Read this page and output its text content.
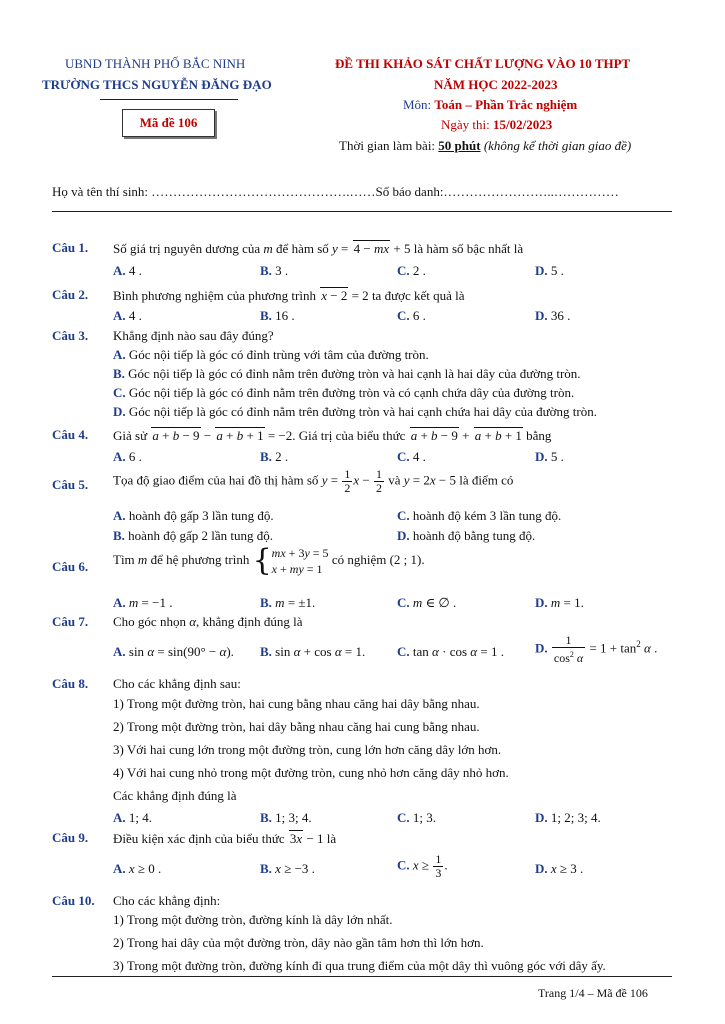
UBND THÀNH PHỐ BẮC NINH
TRƯỜNG THCS NGUYỄN ĐĂNG ĐẠO
Mã đề 106
ĐỀ THI KHẢO SÁT CHẤT LƯỢNG VÀO 10 THPT
NĂM HỌC 2022-2023
Môn: Toán – Phần Trắc nghiệm
Ngày thi: 15/02/2023
Thời gian làm bài: 50 phút (không kể thời gian giao đề)
Họ và tên thí sinh: ……………………………………….……Số báo danh:……………………..……………
Câu 1. Số giá trị nguyên dương của m để hàm số y = 4 − mx + 5 là hàm số bậc nhất là
A. 4 .	B. 3 .	C. 2 .	D. 5 .
Câu 2. Bình phương nghiệm của phương trình x − 2 = 2 ta được kết quả là
A. 4 .	B. 16 .	C. 6 .	D. 36 .
Câu 3. Khẳng định nào sau đây đúng?
A. Góc nội tiếp là góc có đỉnh trùng với tâm của đường tròn.
B. Góc nội tiếp là góc có đỉnh nằm trên đường tròn và hai cạnh là hai dây của đường tròn.
C. Góc nội tiếp là góc có đỉnh nằm trên đường tròn và có cạnh chứa dây của đường tròn.
D. Góc nội tiếp là góc có đỉnh nằm trên đường tròn và hai cạnh chứa hai dây của đường tròn.
Câu 4. Giả sử a + b − 9 − a + b + 1 = −2. Giá trị của biểu thức a + b − 9 + a + b + 1 bằng
A. 6 .	B. 2 .	C. 4 .	D. 5 .
Câu 5. Tọa độ giao điểm của hai đồ thị hàm số $y = \frac{1}{2}$ $x - \frac{1}{2}$ và y = 2x − 5 là điểm có
A. hoành độ gấp 3 lần tung độ.	C. hoành độ kém 3 lần tung độ.
B. hoành độ gấp 2 lần tung độ.	D. hoành độ bằng tung độ.
Câu 6. Tìm m để hệ phương trình {mx + 3y = 5
x + my = 1 có nghiệm (2 ; 1).
A. m = −1 .	B. m = ±1.	C. m ∈ ∅ .	D. m = 1.
Câu 7. Cho góc nhọn α, khẳng định đúng là
A. sin α = sin(90° − α). B. sin α + cos α = 1. C. tan α · cos α = 1 . D. $\frac{1}{\cos^2 \alpha} = 1 + \tan^2 \alpha$ .
Câu 8. Cho các khẳng định sau:
1) Trong một đường tròn, hai cung bằng nhau căng hai dây bằng nhau.
2) Trong một đường tròn, hai dây bằng nhau căng hai cung bằng nhau.
3) Với hai cung lớn trong một đường tròn, cung lớn hơn căng dây lớn hơn.
4) Với hai cung nhỏ trong một đường tròn, cung nhỏ hơn căng dây nhỏ hơn.
Các khẳng định đúng là
A. 1; 4.	B. 1; 3; 4.	C. 1; 3.	D. 1; 2; 3; 4.
Câu 9. Điều kiện xác định của biểu thức 3x − 1 là
A. x ≥ 0 .	B. x ≥ −3 .	C. $x \ge \frac{1}{3}$ .	D. x ≥ 3 .
Câu 10. Cho các khẳng định:
1) Trong một đường tròn, đường kính là dây lớn nhất.
2) Trong hai dây của một đường tròn, dây nào gần tâm hơn thì lớn hơn.
3) Trong một đường tròn, đường kính đi qua trung điểm của một dây thì vuông góc với dây ấy.
Trang 1/4 – Mã đề 106
